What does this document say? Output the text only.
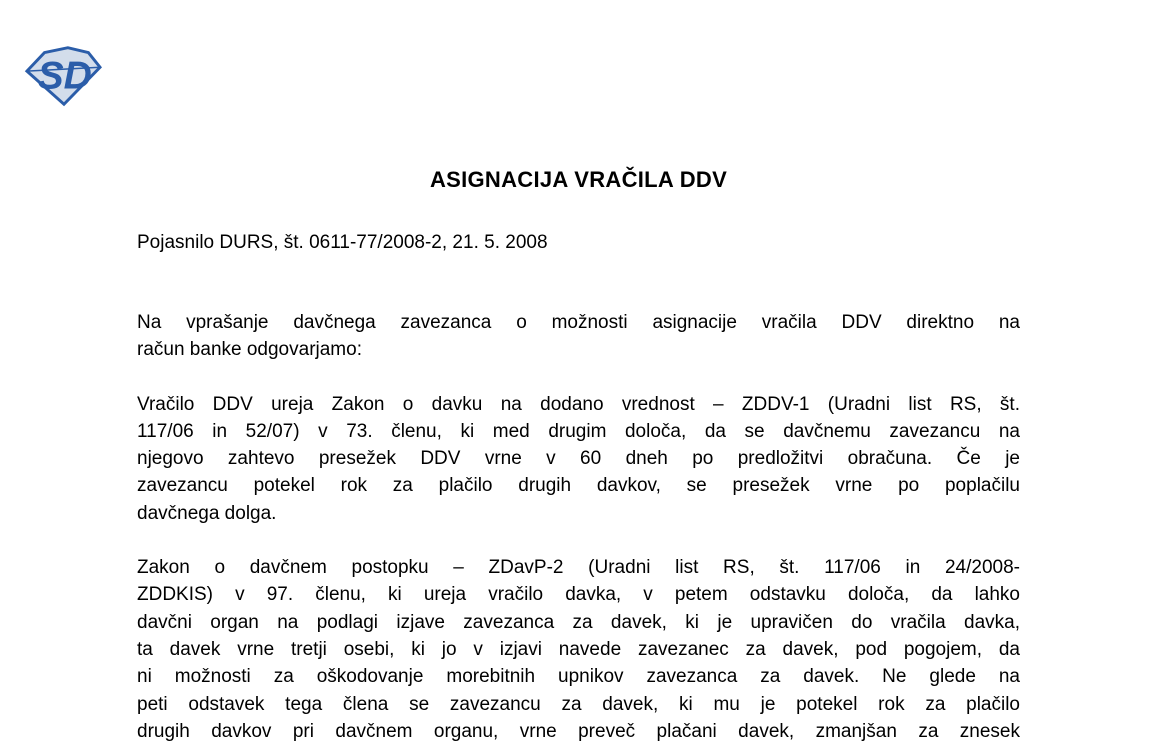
SD
ASIGNACIJA VRAČILA DDV
Pojasnilo DURS, št. 0611-77/2008-2, 21. 5. 2008
Na vprašanje davčnega zavezanca o možnosti asignacije vračila DDV direktno na
račun banke odgovarjamo:
Vračilo DDV ureja Zakon o davku na dodano vrednost – ZDDV-1 (Uradni list RS, št.
117/06 in 52/07) v 73. členu, ki med drugim določa, da se davčnemu zavezancu na
njegovo zahtevo presežek DDV vrne v 60 dneh po predložitvi obračuna. Če je
zavezancu potekel rok za plačilo drugih davkov, se presežek vrne po poplačilu
davčnega dolga.
Zakon o davčnem postopku – ZDavP-2 (Uradni list RS, št. 117/06 in 24/2008-
ZDDKIS) v 97. členu, ki ureja vračilo davka, v petem odstavku določa, da lahko
davčni organ na podlagi izjave zavezanca za davek, ki je upravičen do vračila davka,
ta davek vrne tretji osebi, ki jo v izjavi navede zavezanec za davek, pod pogojem, da
ni možnosti za oškodovanje morebitnih upnikov zavezanca za davek. Ne glede na
peti odstavek tega člena se zavezancu za davek, ki mu je potekel rok za plačilo
drugih davkov pri davčnem organu, vrne preveč plačani davek, zmanjšan za znesek
